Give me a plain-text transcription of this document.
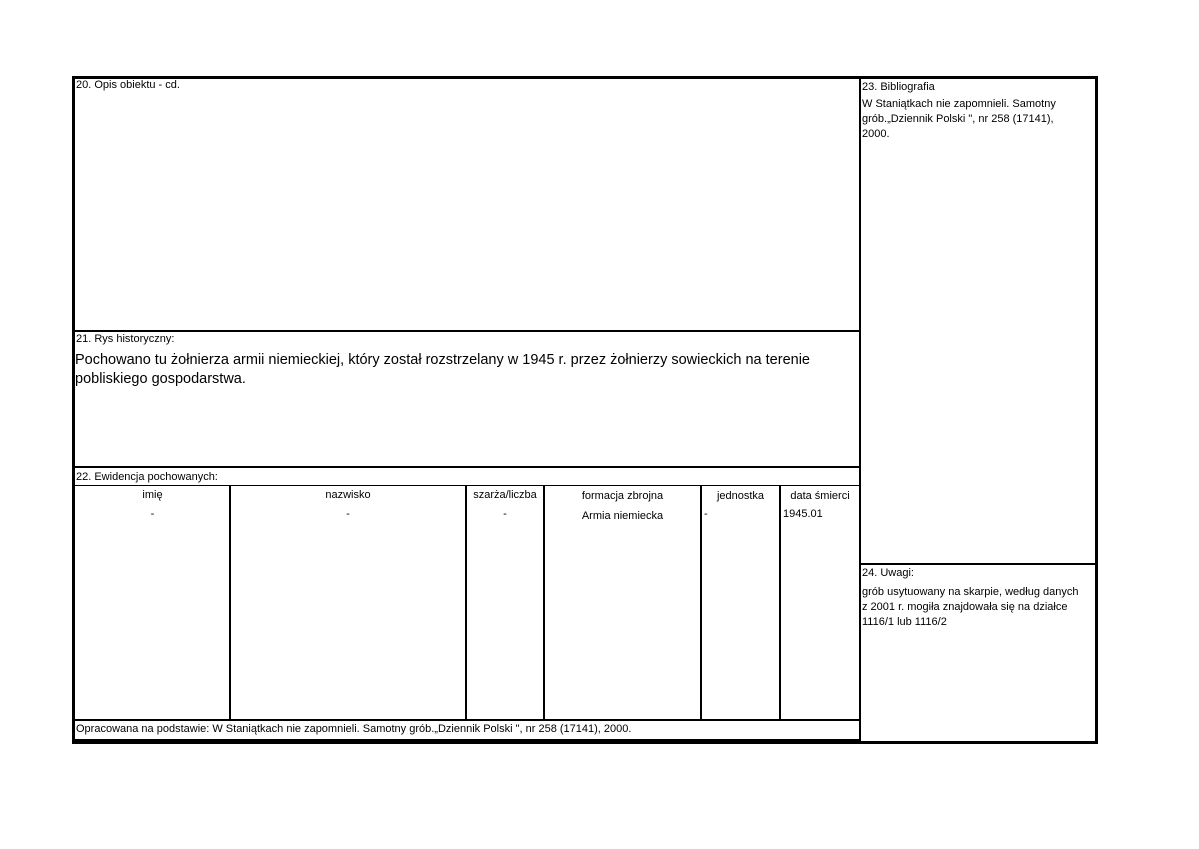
20. Opis obiektu - cd.
21. Rys historyczny:
Pochowano tu żołnierza armii niemieckiej, który został rozstrzelany w 1945 r. przez żołnierzy sowieckich na terenie
pobliskiego gospodarstwa.
22. Ewidencja pochowanych:
imię	nazwisko	szarża/liczba	formacja zbrojna	jednostka	data śmierci
-	-	-	Armia niemiecka	-	1945.01
Opracowana na podstawie: W Staniątkach nie zapomnieli. Samotny grób.„Dziennik Polski ", nr 258 (17141), 2000.
23. Bibliografia
W Staniątkach nie zapomnieli. Samotny
grób.„Dziennik Polski ", nr 258 (17141),
2000.
24. Uwagi:
grób usytuowany na skarpie, według danych
z 2001 r. mogiła znajdowała się na działce
1116/1 lub 1116/2
